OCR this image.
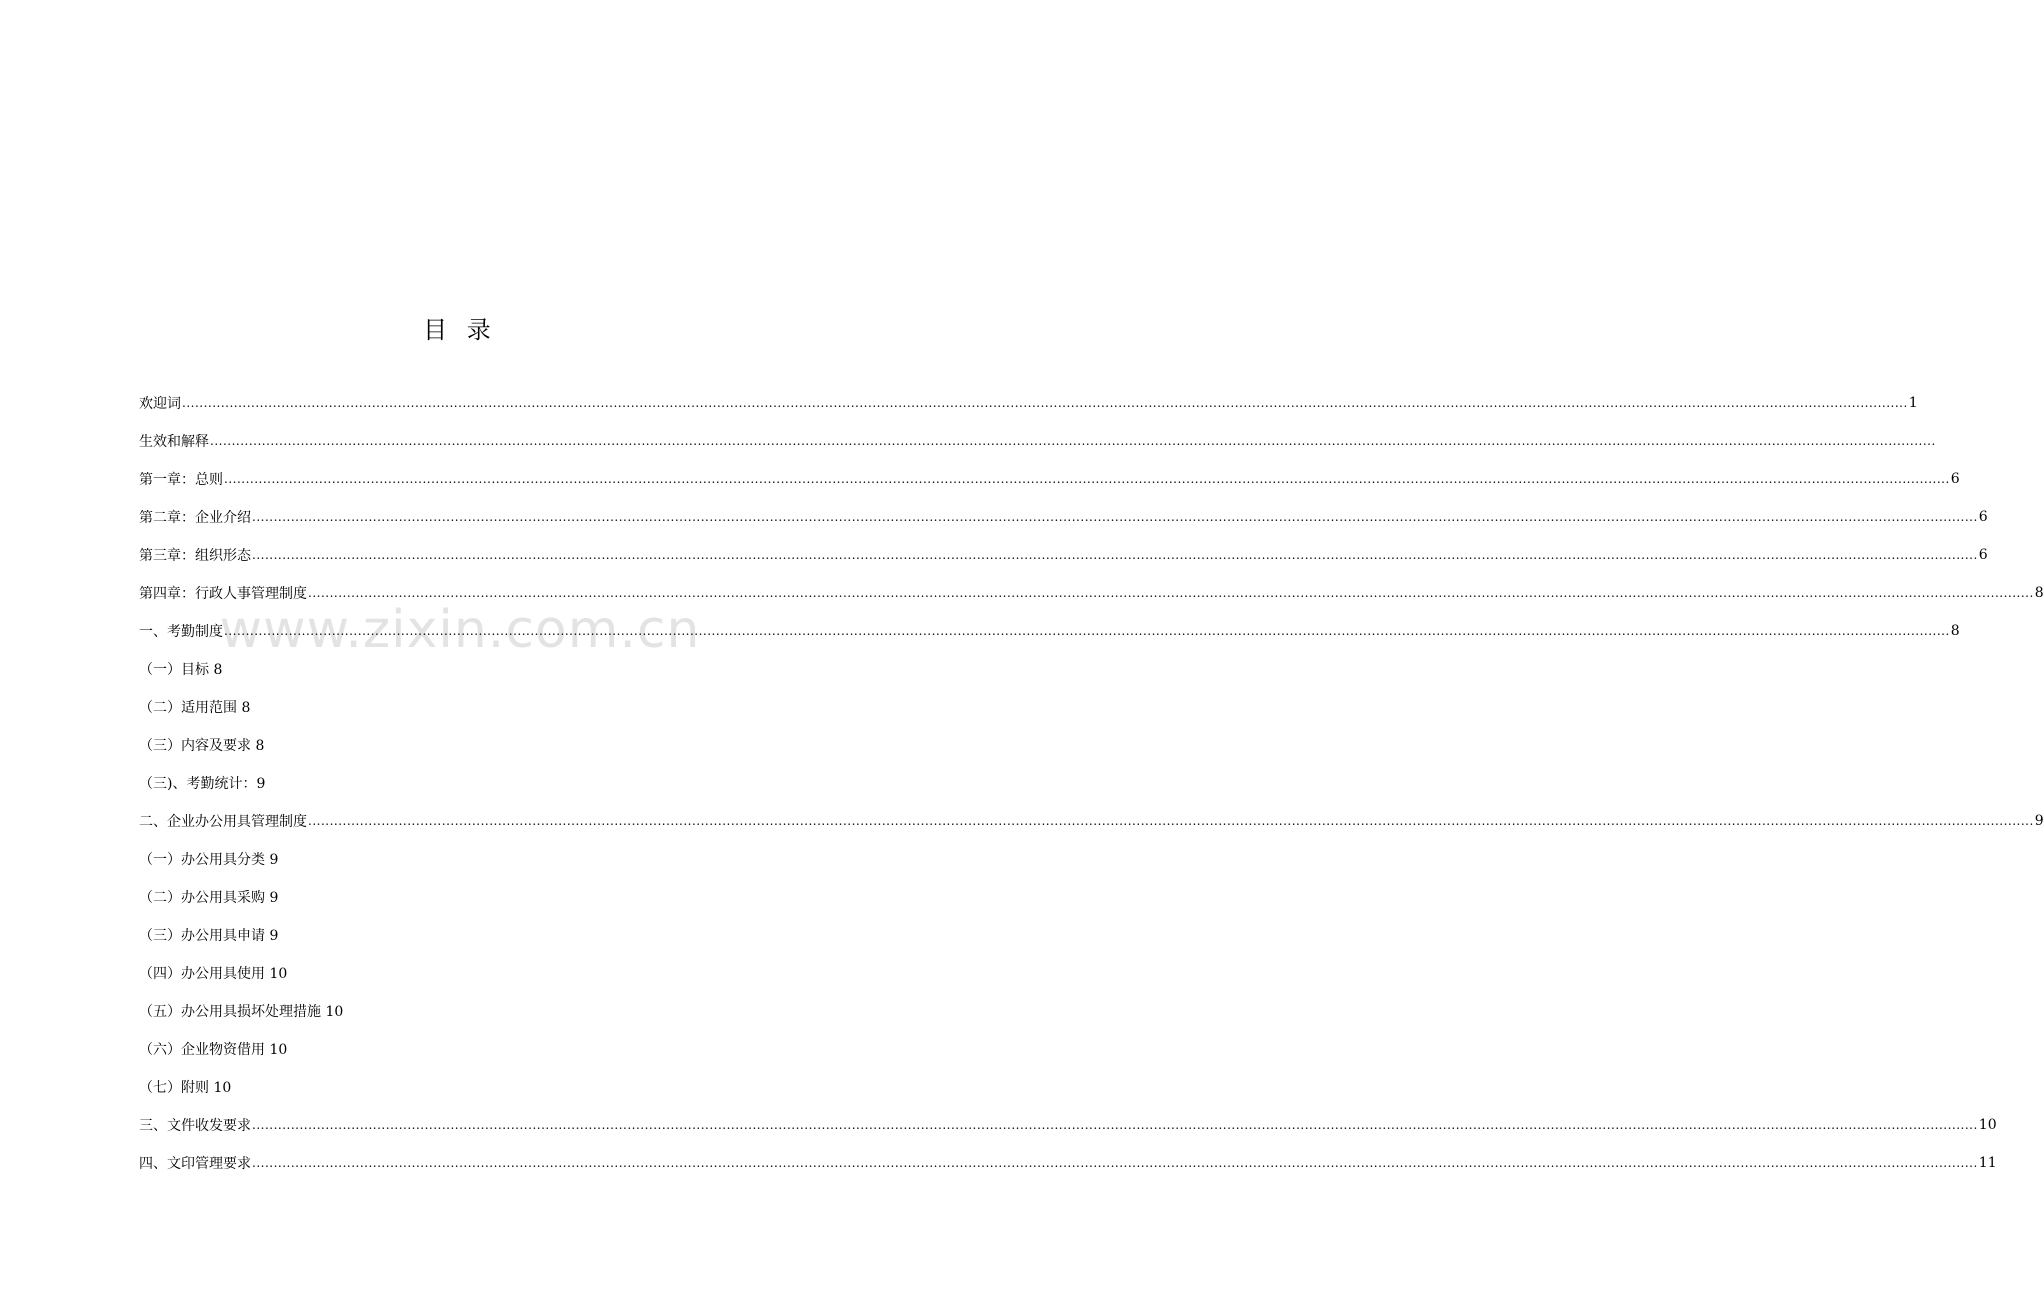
www.zixin.com.cn
目 录
欢迎词 ................................................................................................................................................................................................................................................................................................................................................................................................................ 1
生效和解释 ................................................................................................................................................................................................................................................................................................................................................................................................................
第一章：总则 ................................................................................................................................................................................................................................................................................................................................................................................................................ 6
第二章：企业介绍 ................................................................................................................................................................................................................................................................................................................................................................................................................ 6
第三章：组织形态 ................................................................................................................................................................................................................................................................................................................................................................................................................ 6
第四章：行政人事管理制度 ................................................................................................................................................................................................................................................................................................................................................................................................................ 8
一、考勤制度 ................................................................................................................................................................................................................................................................................................................................................................................................................ 8
（一）目标 8
（二）适用范围 8
（三）内容及要求 8
（三)、考勤统计：9
二、企业办公用具管理制度 ................................................................................................................................................................................................................................................................................................................................................................................................................ 9
（一）办公用具分类 9
（二）办公用具采购 9
（三）办公用具申请 9
（四）办公用具使用 10
（五）办公用具损坏处理措施 10
（六）企业物资借用 10
（七）附则 10
三、文件收发要求 ................................................................................................................................................................................................................................................................................................................................................................................................................ 10
四、文印管理要求 ................................................................................................................................................................................................................................................................................................................................................................................................................ 11
